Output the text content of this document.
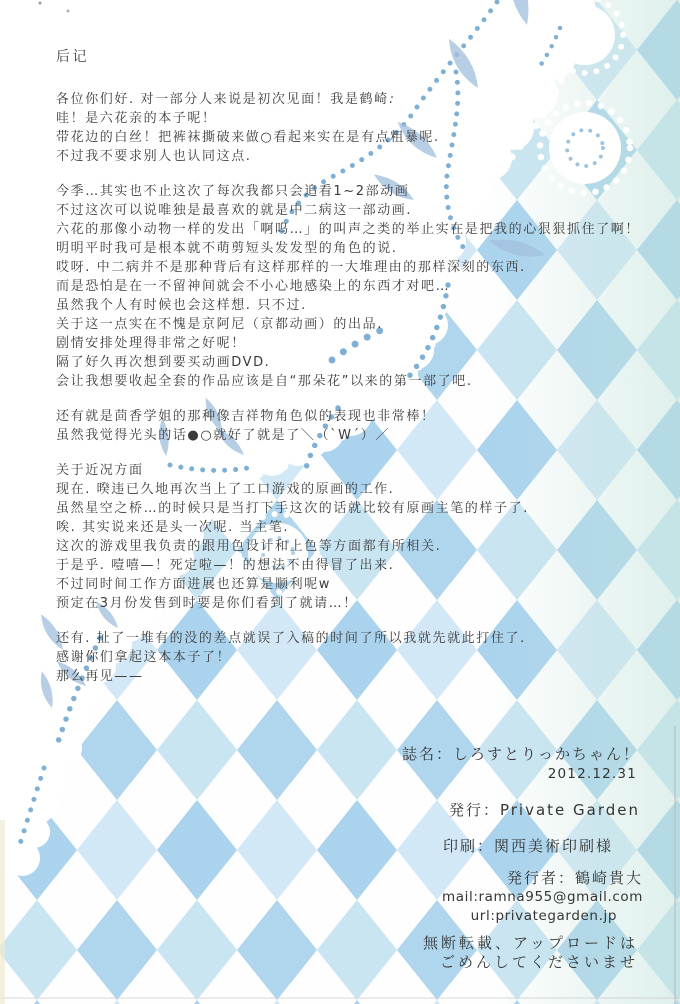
后记

各位你们好. 对一部分人来说是初次见面！我是鹤崎.
哇！是六花亲的本子呢！
带花边的白丝！把裤袜撕破来做○看起来实在是有点粗暴呢.
不过我不要求别人也认同这点.

今季…其实也不止这次了每次我都只会追看1~2部动画
不过这次可以说唯独是最喜欢的就是中二病这一部动画.
六花的那像小动物一样的发出「啊呜…」的叫声之类的举止实在是把我的心狠狠抓住了啊！
明明平时我可是根本就不萌剪短头发发型的角色的说.
哎呀. 中二病并不是那种背后有这样那样的一大堆理由的那样深刻的东西.
而是恐怕是在一不留神间就会不小心地感染上的东西才对吧…
虽然我个人有时候也会这样想. 只不过.
关于这一点实在不愧是京阿尼（京都动画）的出品.
剧情安排处理得非常之好呢！
隔了好久再次想到要买动画DVD.
会让我想要收起全套的作品应该是自“那朵花”以来的第一部了吧.

还有就是茴香学姐的那种像吉祥物角色似的表现也非常棒！
虽然我觉得光头的话●○就好了就是了＼（`W´）／

关于近况方面
现在. 暌违已久地再次当上了工口游戏的原画的工作.
虽然星空之桥…的时候只是当打下手这次的话就比较有原画主笔的样子了.
唉. 其实说来还是头一次呢. 当主笔.
这次的游戏里我负责的跟用色设计和上色等方面都有所相关.
于是乎. 噎嘻—！死定啦—！的想法不由得冒了出来.
不过同时间工作方面进展也还算是顺利呢w
预定在3月份发售到时要是你们看到了就请…！

还有. 扯了一堆有的没的差点就误了入稿的时间了所以我就先就此打住了.
感谢你们拿起这本本子了！
那么再见——

誌名：しろすとりっかちゃん！
2012.12.31
発行：Private Garden
印刷：関西美術印刷様
発行者：鶴崎貴大
mail:ramna955@gmail.com
url:privategarden.jp
無断転載、アップロードは
ごめんしてくださいませ
